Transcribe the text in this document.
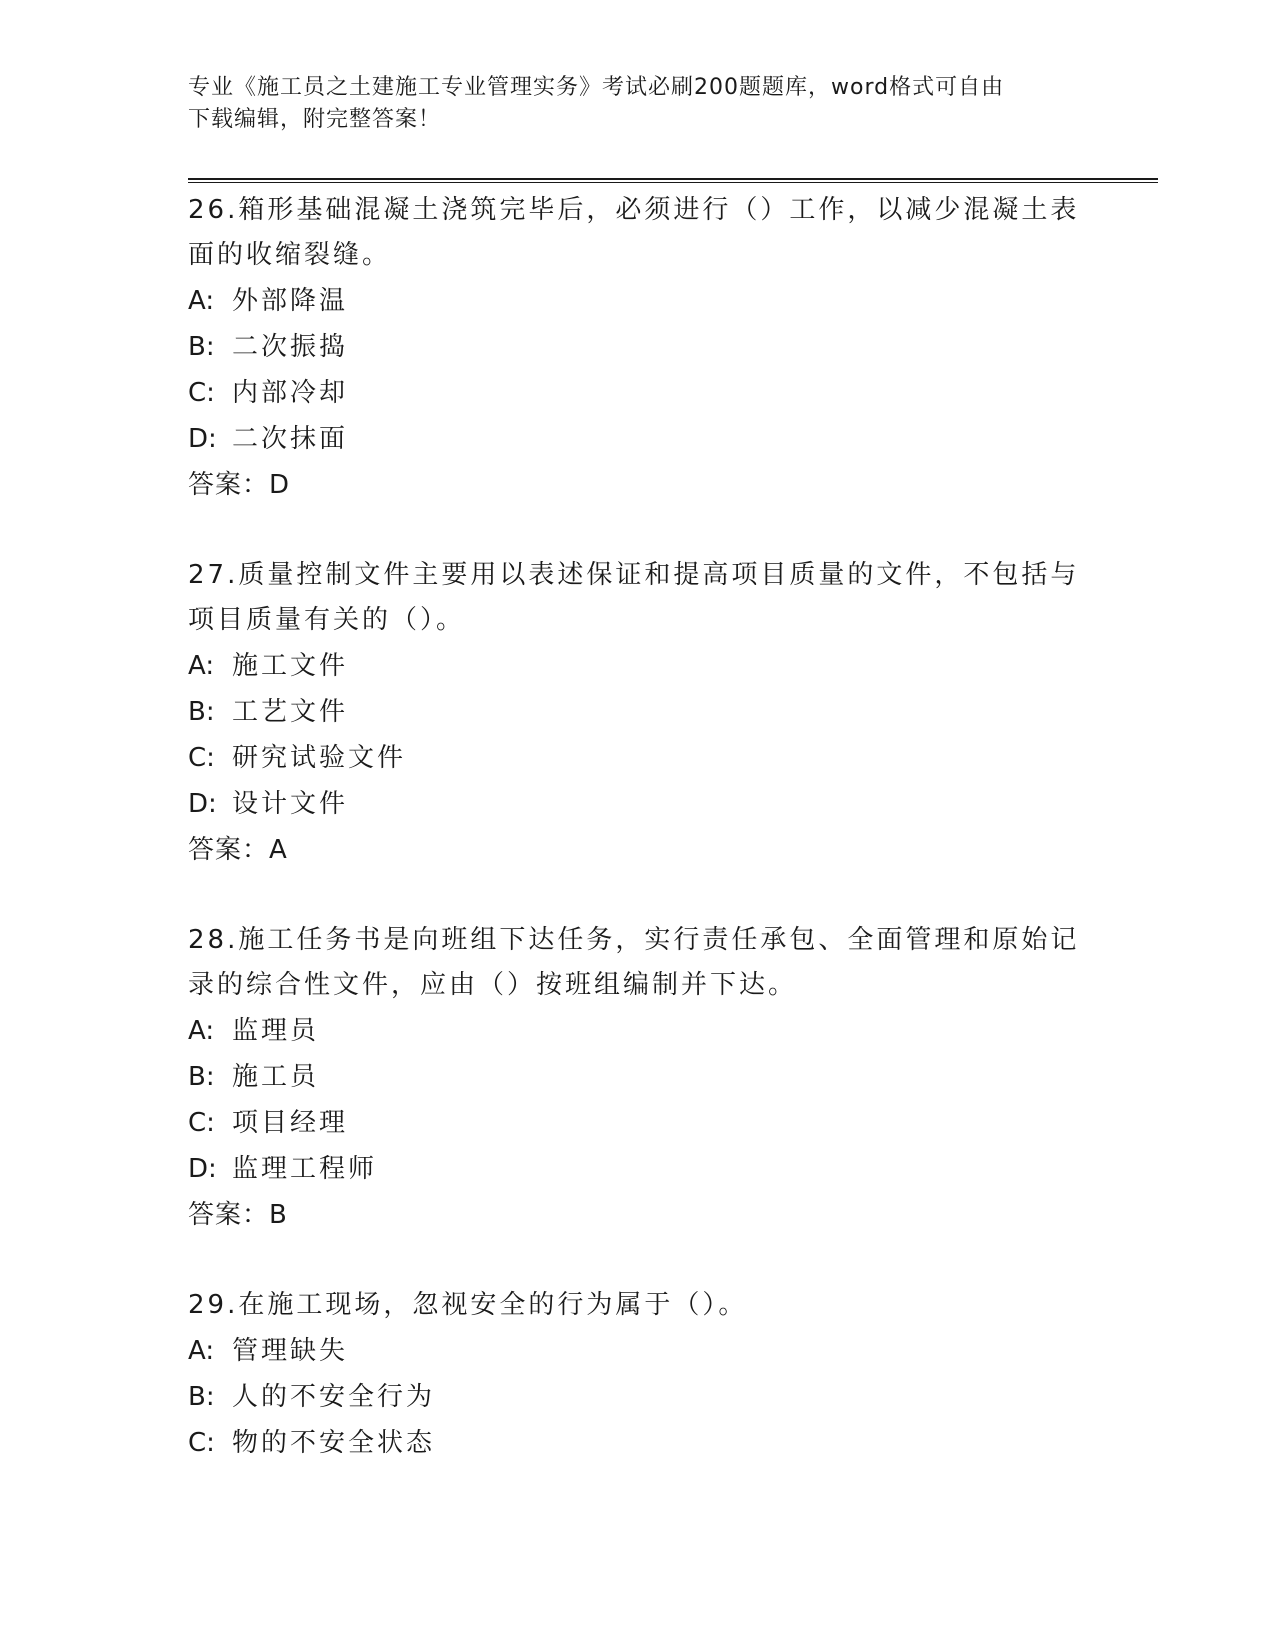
专业《施工员之土建施工专业管理实务》考试必刷200题题库，word格式可自由
下载编辑，附完整答案！

26.箱形基础混凝土浇筑完毕后，必须进行（）工作，以减少混凝土表面的收缩裂缝。

A: 外部降温

B: 二次振捣

C: 内部冷却

D: 二次抹面

答案：D

27.质量控制文件主要用以表述保证和提高项目质量的文件，不包括与项目质量有关的（）。

A: 施工文件

B: 工艺文件

C: 研究试验文件

D: 设计文件

答案：A

28.施工任务书是向班组下达任务，实行责任承包、全面管理和原始记录的综合性文件，应由（）按班组编制并下达。

A: 监理员

B: 施工员

C: 项目经理

D: 监理工程师

答案：B

29.在施工现场，忽视安全的行为属于（）。

A: 管理缺失

B: 人的不安全行为

C: 物的不安全状态
